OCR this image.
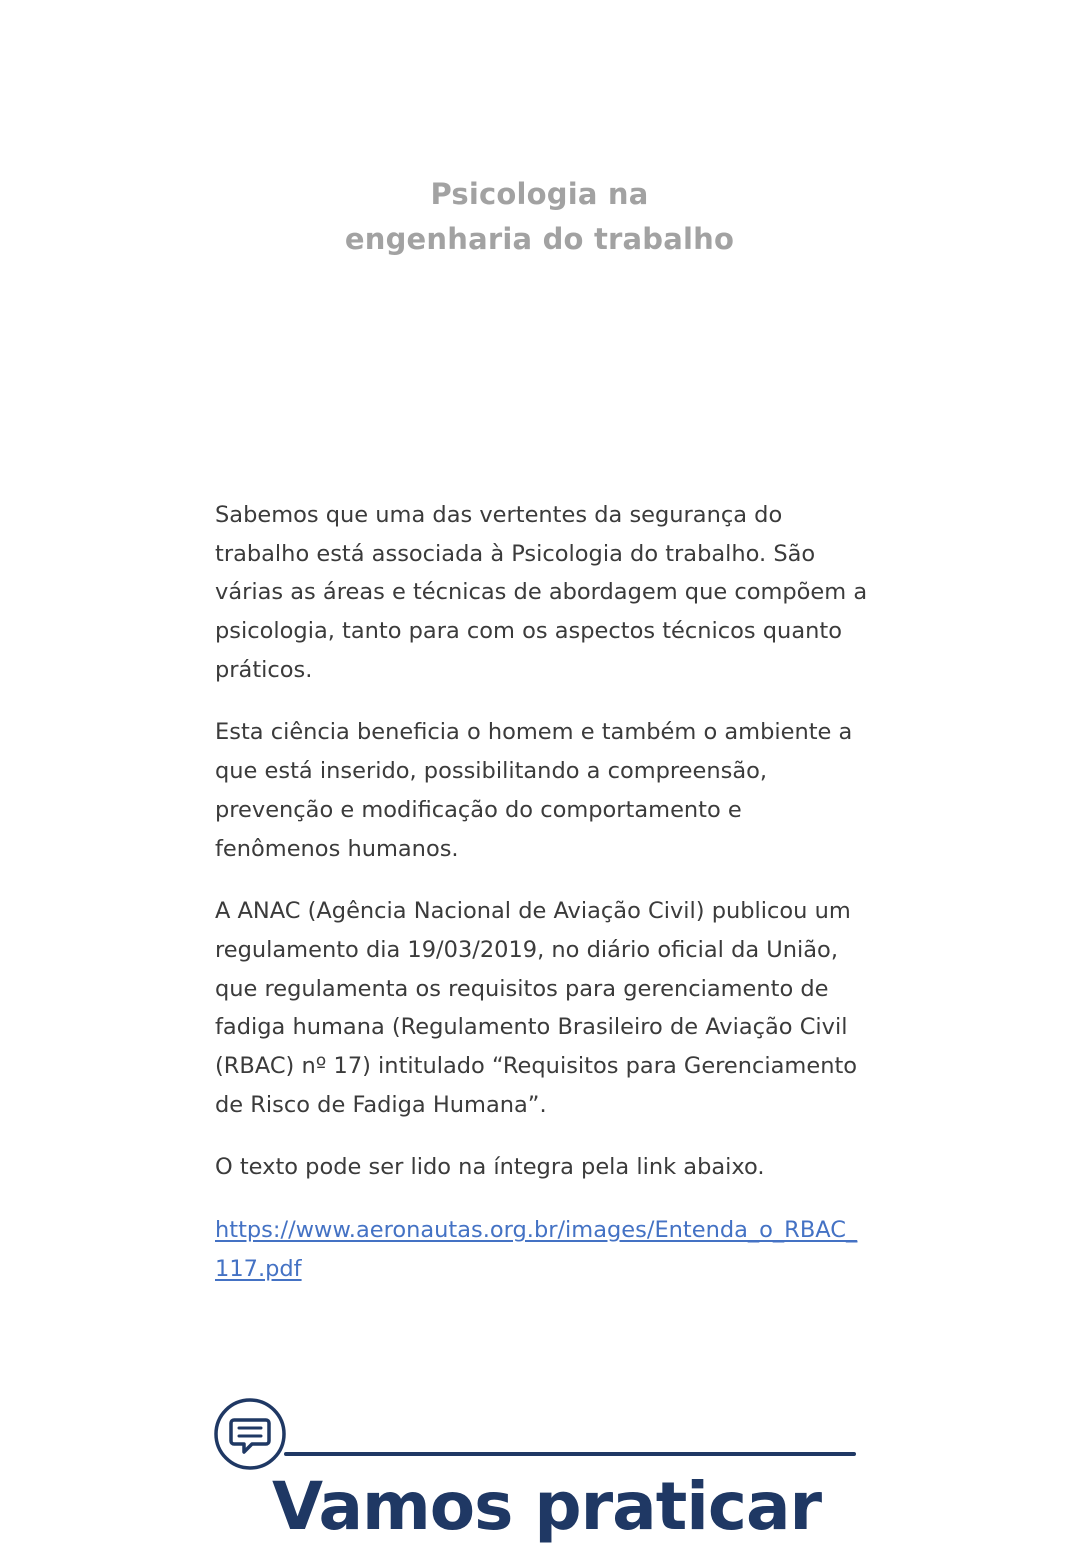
Psicologia na
engenharia do trabalho

Sabemos que uma das vertentes da segurança do trabalho está associada à Psicologia do trabalho. São várias as áreas e técnicas de abordagem que compõem a psicologia, tanto para com os aspectos técnicos quanto práticos.

Esta ciência beneficia o homem e também o ambiente a que está inserido, possibilitando a compreensão, prevenção e modificação do comportamento e fenômenos humanos.

A ANAC (Agência Nacional de Aviação Civil) publicou um regulamento dia 19/03/2019, no diário oficial da União, que regulamenta os requisitos para gerenciamento de fadiga humana (Regulamento Brasileiro de Aviação Civil (RBAC) nº 17) intitulado “Requisitos para Gerenciamento de Risco de Fadiga Humana”.

O texto pode ser lido na íntegra pela link abaixo.

https://www.aeronautas.org.br/images/Entenda_o_RBAC_117.pdf

Vamos praticar
